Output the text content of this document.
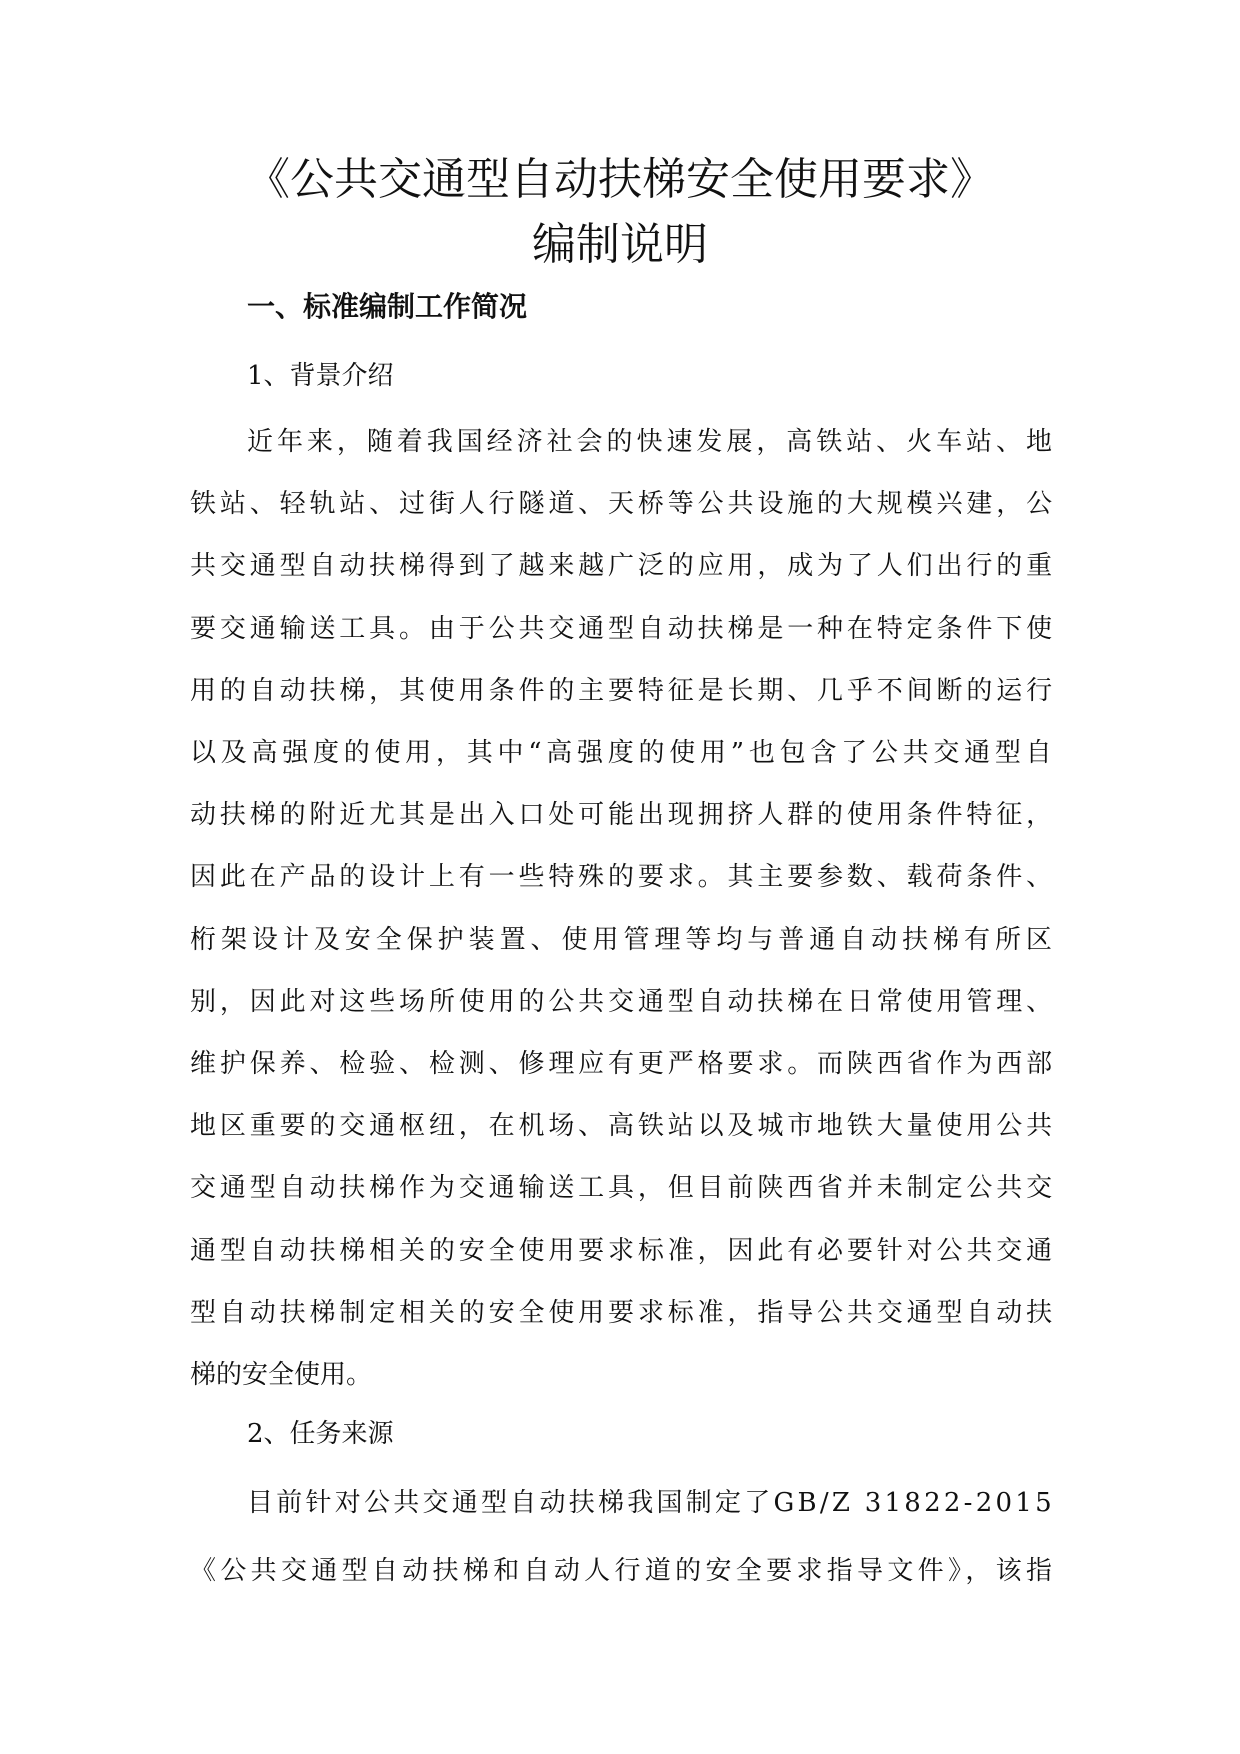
《公共交通型自动扶梯安全使用要求》
编制说明
一、标准编制工作简况
1、背景介绍
近年来，随着我国经济社会的快速发展，高铁站、火车站、地
铁站、轻轨站、过街人行隧道、天桥等公共设施的大规模兴建，公
共交通型自动扶梯得到了越来越广泛的应用，成为了人们出行的重
要交通输送工具。由于公共交通型自动扶梯是一种在特定条件下使
用的自动扶梯，其使用条件的主要特征是长期、几乎不间断的运行
以及高强度的使用，其中“高强度的使用”也包含了公共交通型自
动扶梯的附近尤其是出入口处可能出现拥挤人群的使用条件特征，
因此在产品的设计上有一些特殊的要求。其主要参数、载荷条件、
桁架设计及安全保护装置、使用管理等均与普通自动扶梯有所区
别，因此对这些场所使用的公共交通型自动扶梯在日常使用管理、
维护保养、检验、检测、修理应有更严格要求。而陕西省作为西部
地区重要的交通枢纽，在机场、高铁站以及城市地铁大量使用公共
交通型自动扶梯作为交通输送工具，但目前陕西省并未制定公共交
通型自动扶梯相关的安全使用要求标准，因此有必要针对公共交通
型自动扶梯制定相关的安全使用要求标准，指导公共交通型自动扶
梯的安全使用。
2、任务来源
目前针对公共交通型自动扶梯我国制定了GB/Z 31822-2015
《公共交通型自动扶梯和自动人行道的安全要求指导文件》，该指
